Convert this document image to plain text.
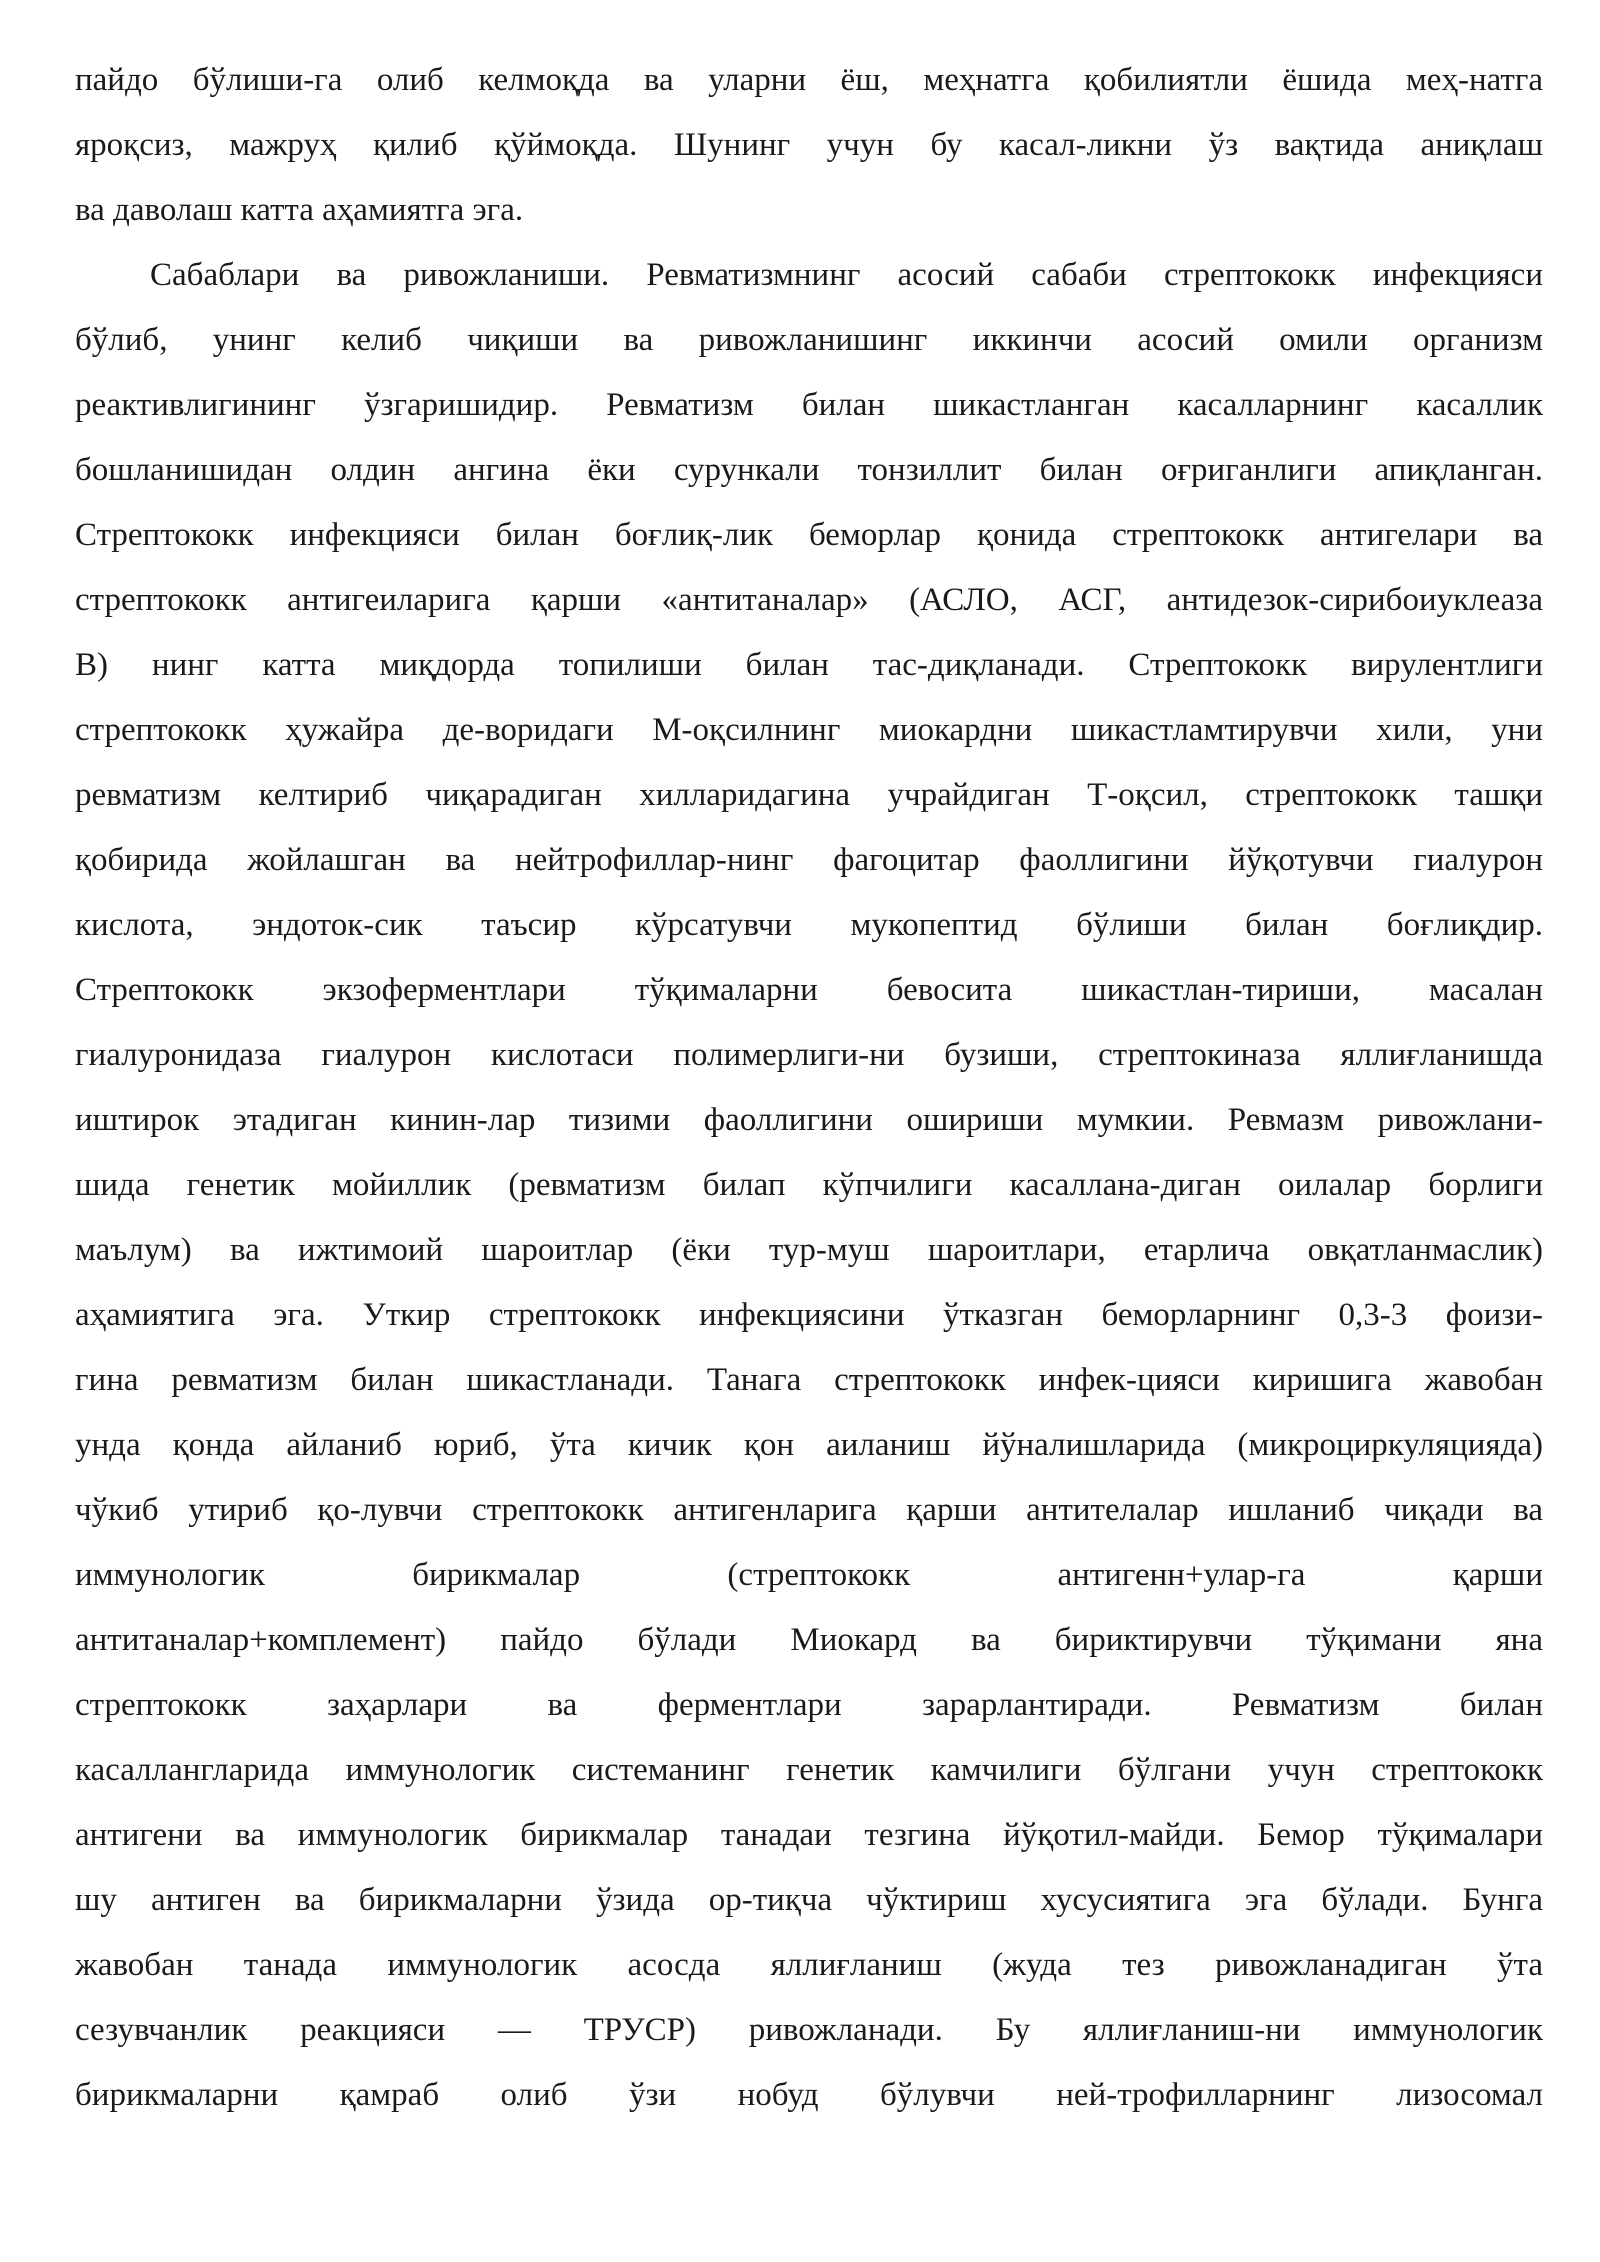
пайдо бўлиши-га олиб келмоқда ва уларни ёш, меҳнатга қобилиятли ёшида меҳ-натга
яроқсиз, мажруҳ қилиб қўймоқда. Шунинг учун бу касал-ликни ўз вақтида аниқлаш
ва даволаш катта аҳамиятга эга.
Сабаблари ва ривожланиши. Ревматизмнинг асосий сабаби стрептококк инфекцияси
бўлиб, унинг келиб чиқиши ва ривожланишинг иккинчи асосий омили организм
реактивлигининг ўзгаришидир. Ревматизм билан шикастланган касалларнинг касаллик
бошланишидан олдин ангина ёки сурункали тонзиллит билан оғриганлиги апиқланган.
Стрептококк инфекцияси билан боғлиқ-лик беморлар қонида стрептококк антигелари ва
стрептококк антигеиларига қарши «антитаналар» (АСЛО, АСГ, антидезок-сирибоиуклеаза
В) нинг катта миқдорда топилиши билан тас-диқланади. Стрептококк вирулентлиги
стрептококк ҳужайра де-воридаги М-оқсилнинг миокардни шикастламтирувчи хили, уни
ревматизм келтириб чиқарадиган хилларидагина учрайдиган Т-оқсил, стрептококк ташқи
қобирида жойлашган ва нейтрофиллар-нинг фагоцитар фаоллигини йўқотувчи гиалурон
кислота, эндоток-сик таъсир кўрсатувчи мукопептид бўлиши билан боғлиқдир.
Стрептококк экзоферментлари тўқималарни бевосита шикастлан-тириши, масалан
гиалуронидаза гиалурон кислотаси полимерлиги-ни бузиши, стрептокиназа яллиғланишда
иштирок этадиган кинин-лар тизими фаоллигини ошириши мумкии. Ревмазм ривожлани-
шида генетик мойиллик (ревматизм билап кўпчилиги касаллана-диган оилалар борлиги
маълум) ва ижтимоий шароитлар (ёки тур-муш шароитлари, етарлича овқатланмаслик)
аҳамиятига эга. Уткир стрептококк инфекциясини ўтказган беморларнинг 0,3-3 фоизи-
гина ревматизм билан шикастланади. Танага стрептококк инфек-цияси киришига жавобан
унда қонда айланиб юриб, ўта кичик қон аиланиш йўналишларида (микроциркуляцияда)
чўкиб утириб қо-лувчи стрептококк антигенларига қарши антителалар ишланиб чиқади ва
иммунологик бирикмалар (стрептококк антигенн+улар-га қарши
антитаналар+комплемент) пайдо бўлади Миокард ва бириктирувчи тўқимани яна
стрептококк заҳарлари ва ферментлари зарарлантиради. Ревматизм билан
касаллангларида иммунологик системанинг генетик камчилиги бўлгани учун стрептококк
антигени ва иммунологик бирикмалар танадаи тезгина йўқотил-майди. Бемор тўқималари
шу антиген ва бирикмаларни ўзида ор-тиқча чўктириш хусусиятига эга бўлади. Бунга
жавобан танада иммунологик асосда яллиғланиш (жуда тез ривожланадиган ўта
сезувчанлик реакцияси — ТРУСР) ривожланади. Бу яллиғланиш-ни иммунологик
бирикмаларни қамраб олиб ўзи нобуд бўлувчи ней-трофилларнинг лизосомал
